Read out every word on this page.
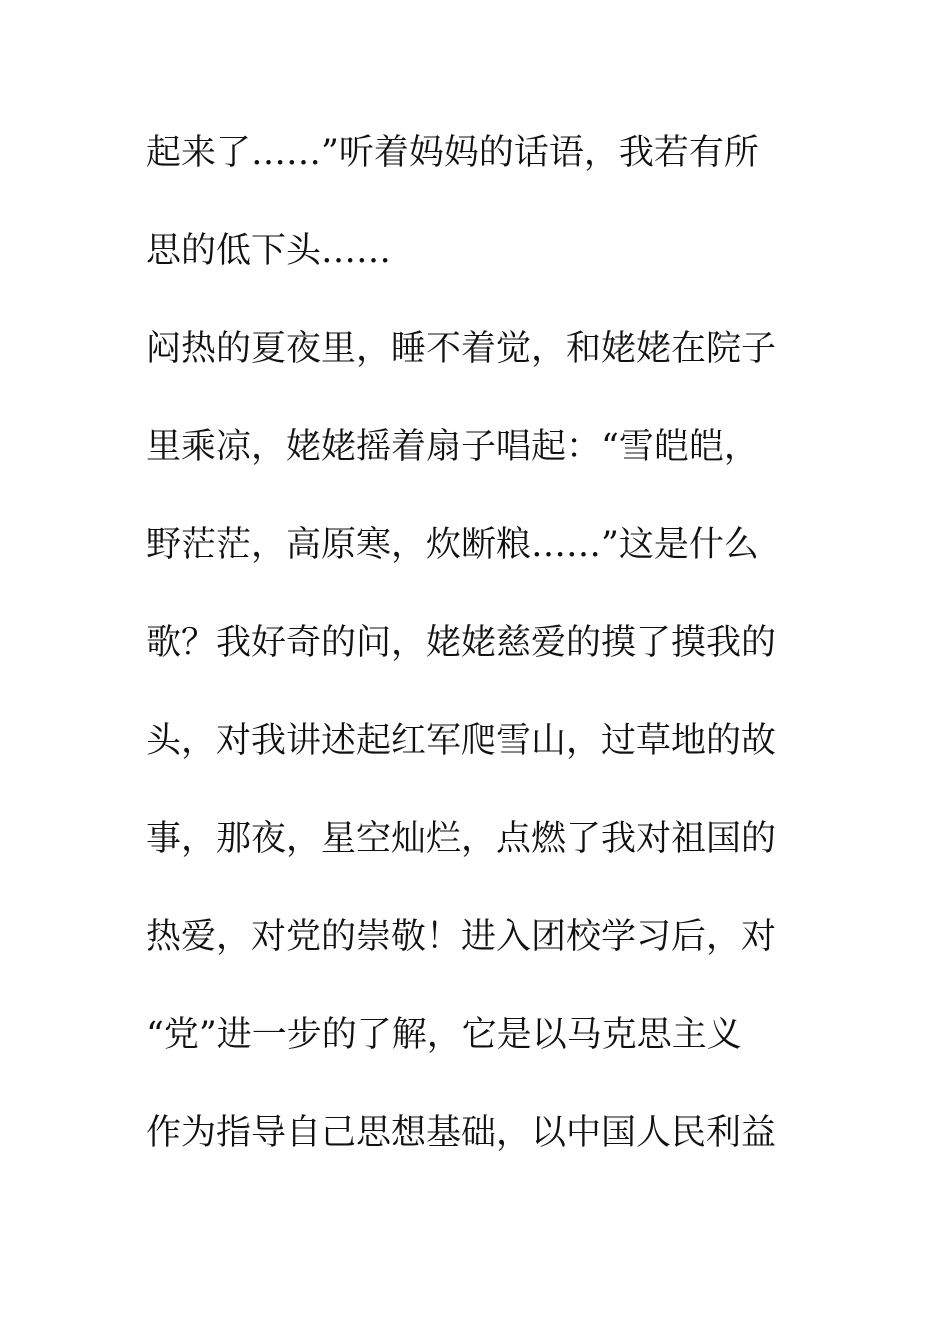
起来了……”听着妈妈的话语，我若有所
思的低下头……
闷热的夏夜里，睡不着觉，和姥姥在院子
里乘凉，姥姥摇着扇子唱起：“雪皑皑，
野茫茫，高原寒，炊断粮……”这是什么
歌？我好奇的问，姥姥慈爱的摸了摸我的
头，对我讲述起红军爬雪山，过草地的故
事，那夜，星空灿烂，点燃了我对祖国的
热爱，对党的崇敬！进入团校学习后，对
“党”进一步的了解，它是以马克思主义
作为指导自己思想基础，以中国人民利益
